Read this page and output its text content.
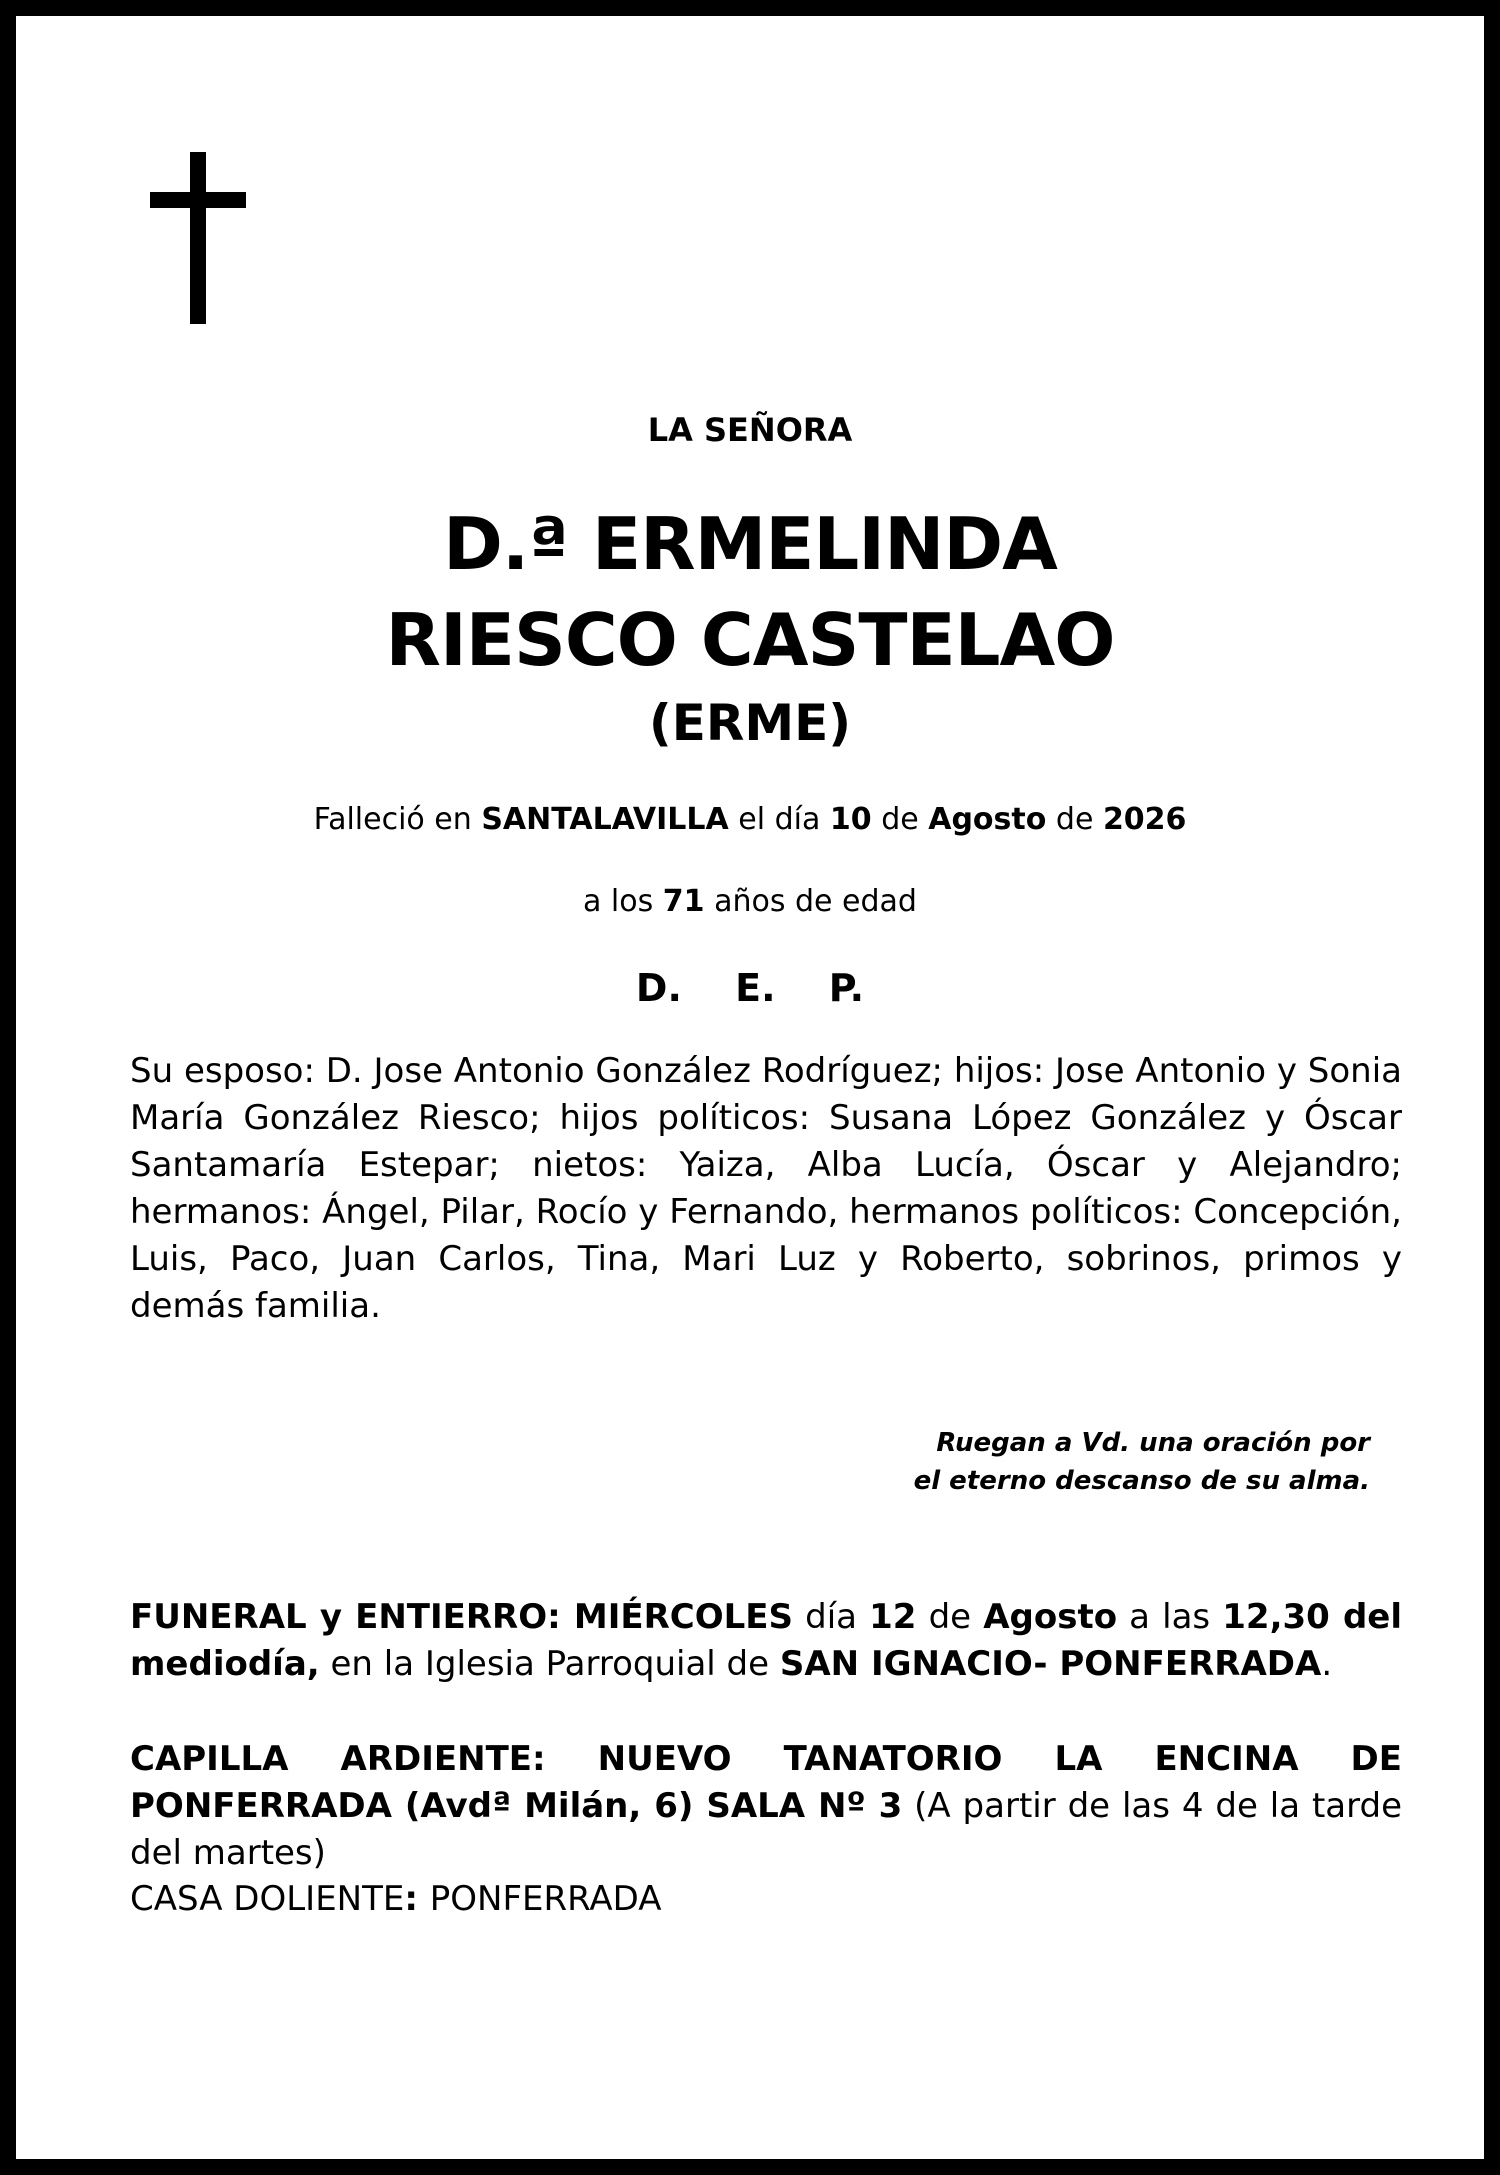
LA SEÑORA
D.ª ERMELINDA
RIESCO CASTELAO
(ERME)
Falleció en SANTALAVILLA el día 10 de Agosto de 2026
a los 71 años de edad
D. E. P.
Su esposo: D. Jose Antonio González Rodríguez; hijos: Jose Antonio y Sonia María González Riesco; hijos políticos: Susana López González y Óscar Santamaría Estepar; nietos: Yaiza, Alba Lucía, Óscar y Alejandro; hermanos: Ángel, Pilar, Rocío y Fernando, hermanos políticos: Concepción, Luis, Paco, Juan Carlos, Tina, Mari Luz y Roberto, sobrinos, primos y demás familia.
Ruegan a Vd. una oración por
el eterno descanso de su alma.
FUNERAL y ENTIERRO: MIÉRCOLES día 12 de Agosto a las 12,30 del mediodía, en la Iglesia Parroquial de SAN IGNACIO- PONFERRADA.
CAPILLA ARDIENTE: NUEVO TANATORIO LA ENCINA DE PONFERRADA (Avdª Milán, 6) SALA Nº 3 (A partir de las 4 de la tarde del martes)
CASA DOLIENTE: PONFERRADA
